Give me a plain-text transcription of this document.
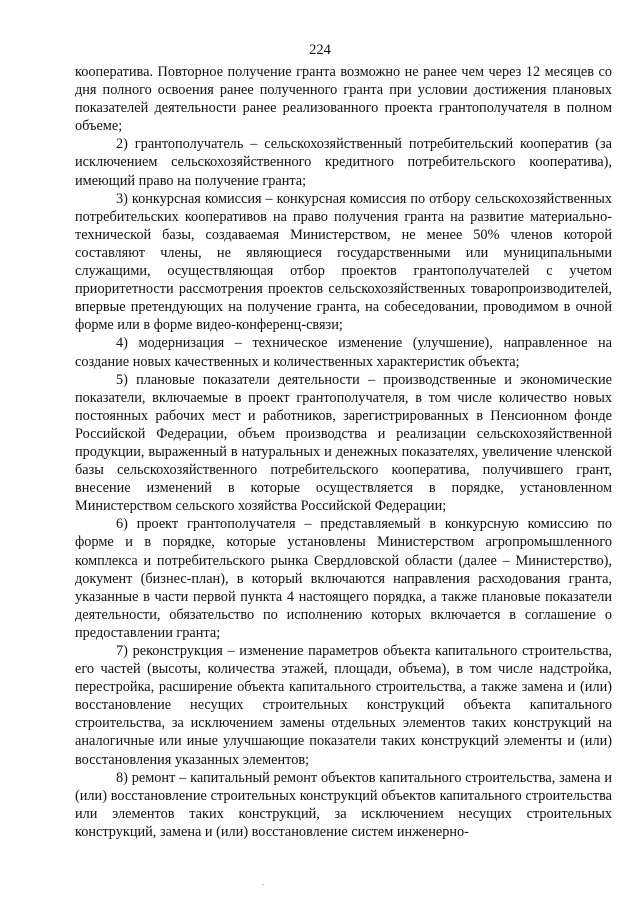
224

кооператива. Повторное получение гранта возможно не ранее чем через 12 месяцев со дня полного освоения ранее полученного гранта при условии достижения плановых показателей деятельности ранее реализованного проекта грантополучателя в полном объеме;

2) грантополучатель – сельскохозяйственный потребительский кооператив (за исключением сельскохозяйственного кредитного потребительского кооператива), имеющий право на получение гранта;

3) конкурсная комиссия – конкурсная комиссия по отбору сельскохозяйственных потребительских кооперативов на право получения гранта на развитие материально-технической базы, создаваемая Министерством, не менее 50% членов которой составляют члены, не являющиеся государственными или муниципальными служащими, осуществляющая отбор проектов грантополучателей с учетом приоритетности рассмотрения проектов сельскохозяйственных товаропроизводителей, впервые претендующих на получение гранта, на собеседовании, проводимом в очной форме или в форме видео-конференц-связи;

4) модернизация – техническое изменение (улучшение), направленное на создание новых качественных и количественных характеристик объекта;

5) плановые показатели деятельности – производственные и экономические показатели, включаемые в проект грантополучателя, в том числе количество новых постоянных рабочих мест и работников, зарегистрированных в Пенсионном фонде Российской Федерации, объем производства и реализации сельскохозяйственной продукции, выраженный в натуральных и денежных показателях, увеличение членской базы сельскохозяйственного потребительского кооператива, получившего грант, внесение изменений в которые осуществляется в порядке, установленном Министерством сельского хозяйства Российской Федерации;

6) проект грантополучателя – представляемый в конкурсную комиссию по форме и в порядке, которые установлены Министерством агропромышленного комплекса и потребительского рынка Свердловской области (далее – Министерство), документ (бизнес-план), в который включаются направления расходования гранта, указанные в части первой пункта 4 настоящего порядка, а также плановые показатели деятельности, обязательство по исполнению которых включается в соглашение о предоставлении гранта;

7) реконструкция – изменение параметров объекта капитального строительства, его частей (высоты, количества этажей, площади, объема), в том числе надстройка, перестройка, расширение объекта капитального строительства, а также замена и (или) восстановление несущих строительных конструкций объекта капитального строительства, за исключением замены отдельных элементов таких конструкций на аналогичные или иные улучшающие показатели таких конструкций элементы и (или) восстановления указанных элементов;

8) ремонт – капитальный ремонт объектов капитального строительства, замена и (или) восстановление строительных конструкций объектов капитального строительства или элементов таких конструкций, за исключением несущих строительных конструкций, замена и (или) восстановление систем инженерно-
